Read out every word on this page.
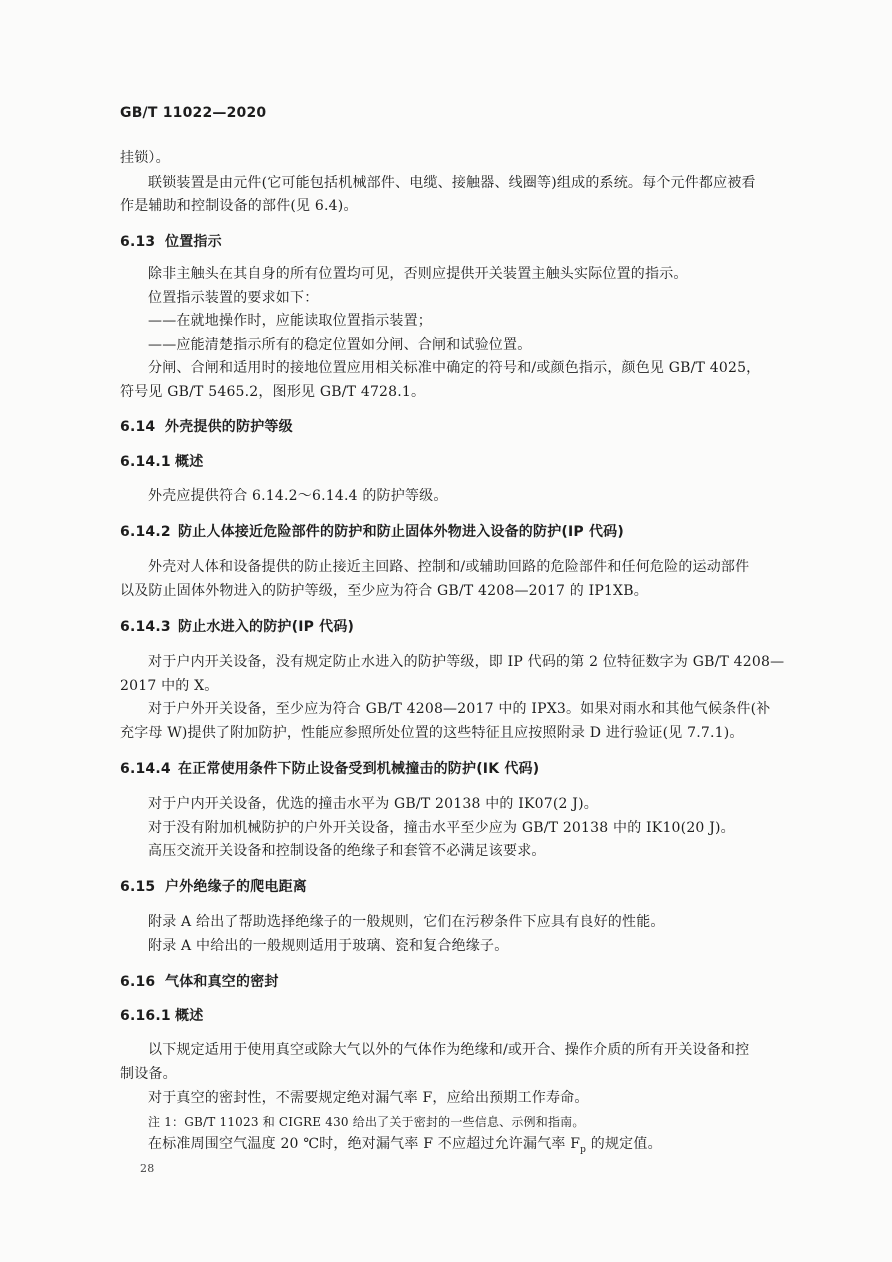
GB/T 11022—2020
挂锁）。
联锁装置是由元件(它可能包括机械部件、电缆、接触器、线圈等)组成的系统。每个元件都应被看
作是辅助和控制设备的部件(见 6.4)。
6.13 位置指示
除非主触头在其自身的所有位置均可见，否则应提供开关装置主触头实际位置的指示。
位置指示装置的要求如下：
——在就地操作时，应能读取位置指示装置；
——应能清楚指示所有的稳定位置如分闸、合闸和试验位置。
分闸、合闸和适用时的接地位置应用相关标准中确定的符号和/或颜色指示，颜色见 GB/T 4025，
符号见 GB/T 5465.2，图形见 GB/T 4728.1。
6.14 外壳提供的防护等级
6.14.1 概述
外壳应提供符合 6.14.2～6.14.4 的防护等级。
6.14.2 防止人体接近危险部件的防护和防止固体外物进入设备的防护(IP 代码)
外壳对人体和设备提供的防止接近主回路、控制和/或辅助回路的危险部件和任何危险的运动部件
以及防止固体外物进入的防护等级，至少应为符合 GB/T 4208—2017 的 IP1XB。
6.14.3 防止水进入的防护(IP 代码)
对于户内开关设备，没有规定防止水进入的防护等级，即 IP 代码的第 2 位特征数字为 GB/T 4208—
2017 中的 X。
对于户外开关设备，至少应为符合 GB/T 4208—2017 中的 IPX3。如果对雨水和其他气候条件(补
充字母 W)提供了附加防护，性能应参照所处位置的这些特征且应按照附录 D 进行验证(见 7.7.1)。
6.14.4 在正常使用条件下防止设备受到机械撞击的防护(IK 代码)
对于户内开关设备，优选的撞击水平为 GB/T 20138 中的 IK07(2 J)。
对于没有附加机械防护的户外开关设备，撞击水平至少应为 GB/T 20138 中的 IK10(20 J)。
高压交流开关设备和控制设备的绝缘子和套管不必满足该要求。
6.15 户外绝缘子的爬电距离
附录 A 给出了帮助选择绝缘子的一般规则，它们在污秽条件下应具有良好的性能。
附录 A 中给出的一般规则适用于玻璃、瓷和复合绝缘子。
6.16 气体和真空的密封
6.16.1 概述
以下规定适用于使用真空或除大气以外的气体作为绝缘和/或开合、操作介质的所有开关设备和控
制设备。
对于真空的密封性，不需要规定绝对漏气率 F，应给出预期工作寿命。
注 1：GB/T 11023 和 CIGRE 430 给出了关于密封的一些信息、示例和指南。
在标准周围空气温度 20 ℃时，绝对漏气率 F 不应超过允许漏气率 $F_p$ 的规定值。
28
